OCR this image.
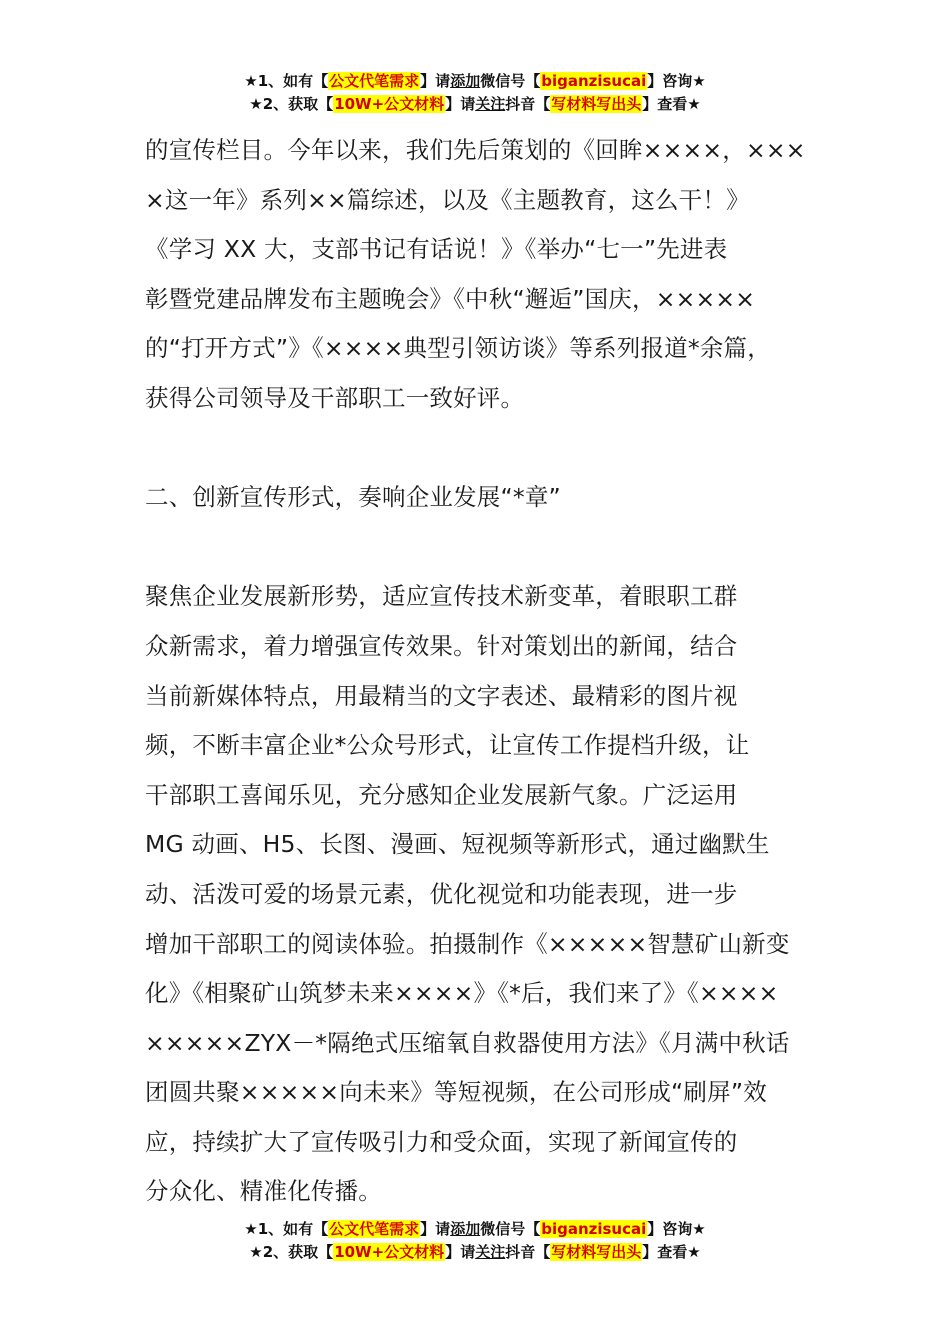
★1、如有【公文代笔需求】请添加微信号【biganzisucai】咨询★
★2、获取【10W+公文材料】请关注抖音【写材料写出头】查看★

的宣传栏目。今年以来，我们先后策划的《回眸××××，×××

×这一年》系列××篇综述，以及《主题教育，这么干！》

《学习 XX 大，支部书记有话说！》《举办“七一”先进表

彰暨党建品牌发布主题晚会》《中秋“邂逅”国庆，×××××

的“打开方式”》《××××典型引领访谈》等系列报道*余篇，

获得公司领导及干部职工一致好评。

二、创新宣传形式，奏响企业发展“*章”

聚焦企业发展新形势，适应宣传技术新变革，着眼职工群

众新需求，着力增强宣传效果。针对策划出的新闻，结合

当前新媒体特点，用最精当的文字表述、最精彩的图片视

频，不断丰富企业*公众号形式，让宣传工作提档升级，让

干部职工喜闻乐见，充分感知企业发展新气象。广泛运用

MG 动画、H5、长图、漫画、短视频等新形式，通过幽默生

动、活泼可爱的场景元素，优化视觉和功能表现，进一步

增加干部职工的阅读体验。拍摄制作《×××××智慧矿山新变

化》《相聚矿山筑梦未来××××》《*后，我们来了》《××××

×××××ZYX－*隔绝式压缩氧自救器使用方法》《月满中秋话

团圆共聚×××××向未来》等短视频，在公司形成“刷屏”效

应，持续扩大了宣传吸引力和受众面，实现了新闻宣传的

分众化、精准化传播。

★1、如有【公文代笔需求】请添加微信号【biganzisucai】咨询★
★2、获取【10W+公文材料】请关注抖音【写材料写出头】查看★
